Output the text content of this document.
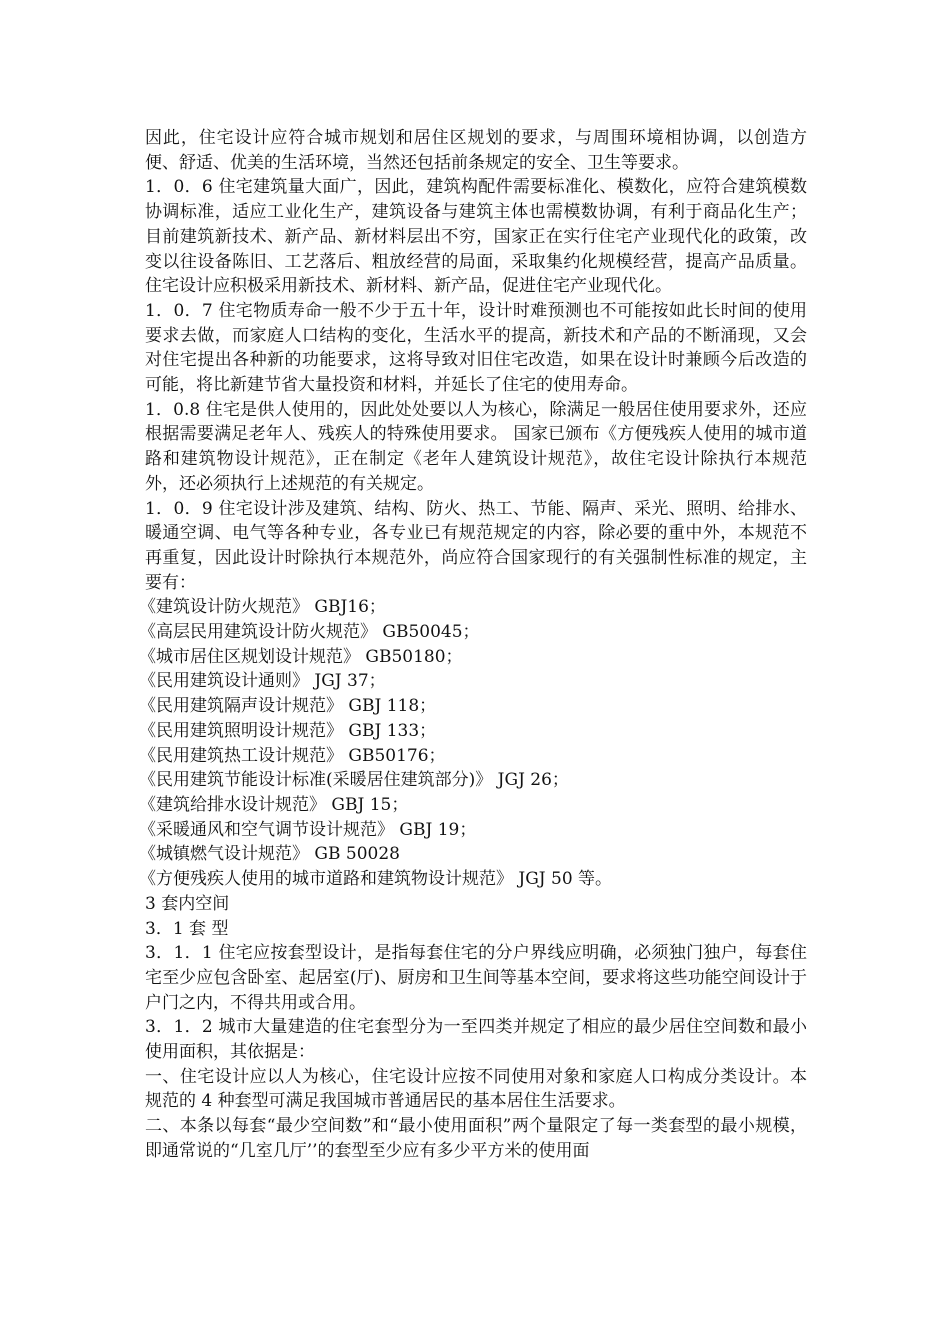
因此，住宅设计应符合城市规划和居住区规划的要求，与周围环境相协调，以创造方便、舒适、优美的生活环境，当然还包括前条规定的安全、卫生等要求。

1．0．6 住宅建筑量大面广，因此，建筑构配件需要标准化、模数化，应符合建筑模数协调标准，适应工业化生产，建筑设备与建筑主体也需模数协调，有利于商品化生产；目前建筑新技术、新产品、新材料层出不穷，国家正在实行住宅产业现代化的政策，改变以往设备陈旧、工艺落后、粗放经营的局面，采取集约化规模经营，提高产品质量。住宅设计应积极采用新技术、新材料、新产品，促进住宅产业现代化。

1．0．7 住宅物质寿命一般不少于五十年，设计时难预测也不可能按如此长时间的使用要求去做，而家庭人口结构的变化，生活水平的提高，新技术和产品的不断涌现，又会对住宅提出各种新的功能要求，这将导致对旧住宅改造，如果在设计时兼顾今后改造的可能，将比新建节省大量投资和材料，并延长了住宅的使用寿命。

1．0.8 住宅是供人使用的，因此处处要以人为核心，除满足一般居住使用要求外，还应根据需要满足老年人、残疾人的特殊使用要求。 国家已颁布《方便残疾人使用的城市道路和建筑物设计规范》，正在制定《老年人建筑设计规范》，故住宅设计除执行本规范外，还必须执行上述规范的有关规定。

1．0．9 住宅设计涉及建筑、结构、防火、热工、节能、隔声、采光、照明、给排水、暖通空调、电气等各种专业，各专业已有规范规定的内容，除必要的重中外，本规范不再重复，因此设计时除执行本规范外，尚应符合国家现行的有关强制性标准的规定，主要有：

《建筑设计防火规范》 GBJ16；

《高层民用建筑设计防火规范》 GB50045；

《城市居住区规划设计规范》 GB50180；

《民用建筑设计通则》 JGJ 37；

《民用建筑隔声设计规范》 GBJ 118；

《民用建筑照明设计规范》 GBJ 133；

《民用建筑热工设计规范》 GB50176；

《民用建筑节能设计标准(采暖居住建筑部分)》 JGJ 26；

《建筑给排水设计规范》 GBJ 15；

《采暖通风和空气调节设计规范》 GBJ 19；

《城镇燃气设计规范》 GB 50028

《方便残疾人使用的城市道路和建筑物设计规范》 JGJ 50 等。

3 套内空间

3．1 套 型

3．1．1 住宅应按套型设计，是指每套住宅的分户界线应明确，必须独门独户，每套住宅至少应包含卧室、起居室(厅)、厨房和卫生间等基本空间，要求将这些功能空间设计于户门之内，不得共用或合用。

3．1．2 城市大量建造的住宅套型分为一至四类并规定了相应的最少居住空间数和最小使用面积，其依据是：

一、住宅设计应以人为核心，住宅设计应按不同使用对象和家庭人口构成分类设计。本规范的 4 种套型可满足我国城市普通居民的基本居住生活要求。

二、本条以每套“最少空间数”和“最小使用面积”两个量限定了每一类套型的最小规模，即通常说的“几室几厅’’的套型至少应有多少平方米的使用面
